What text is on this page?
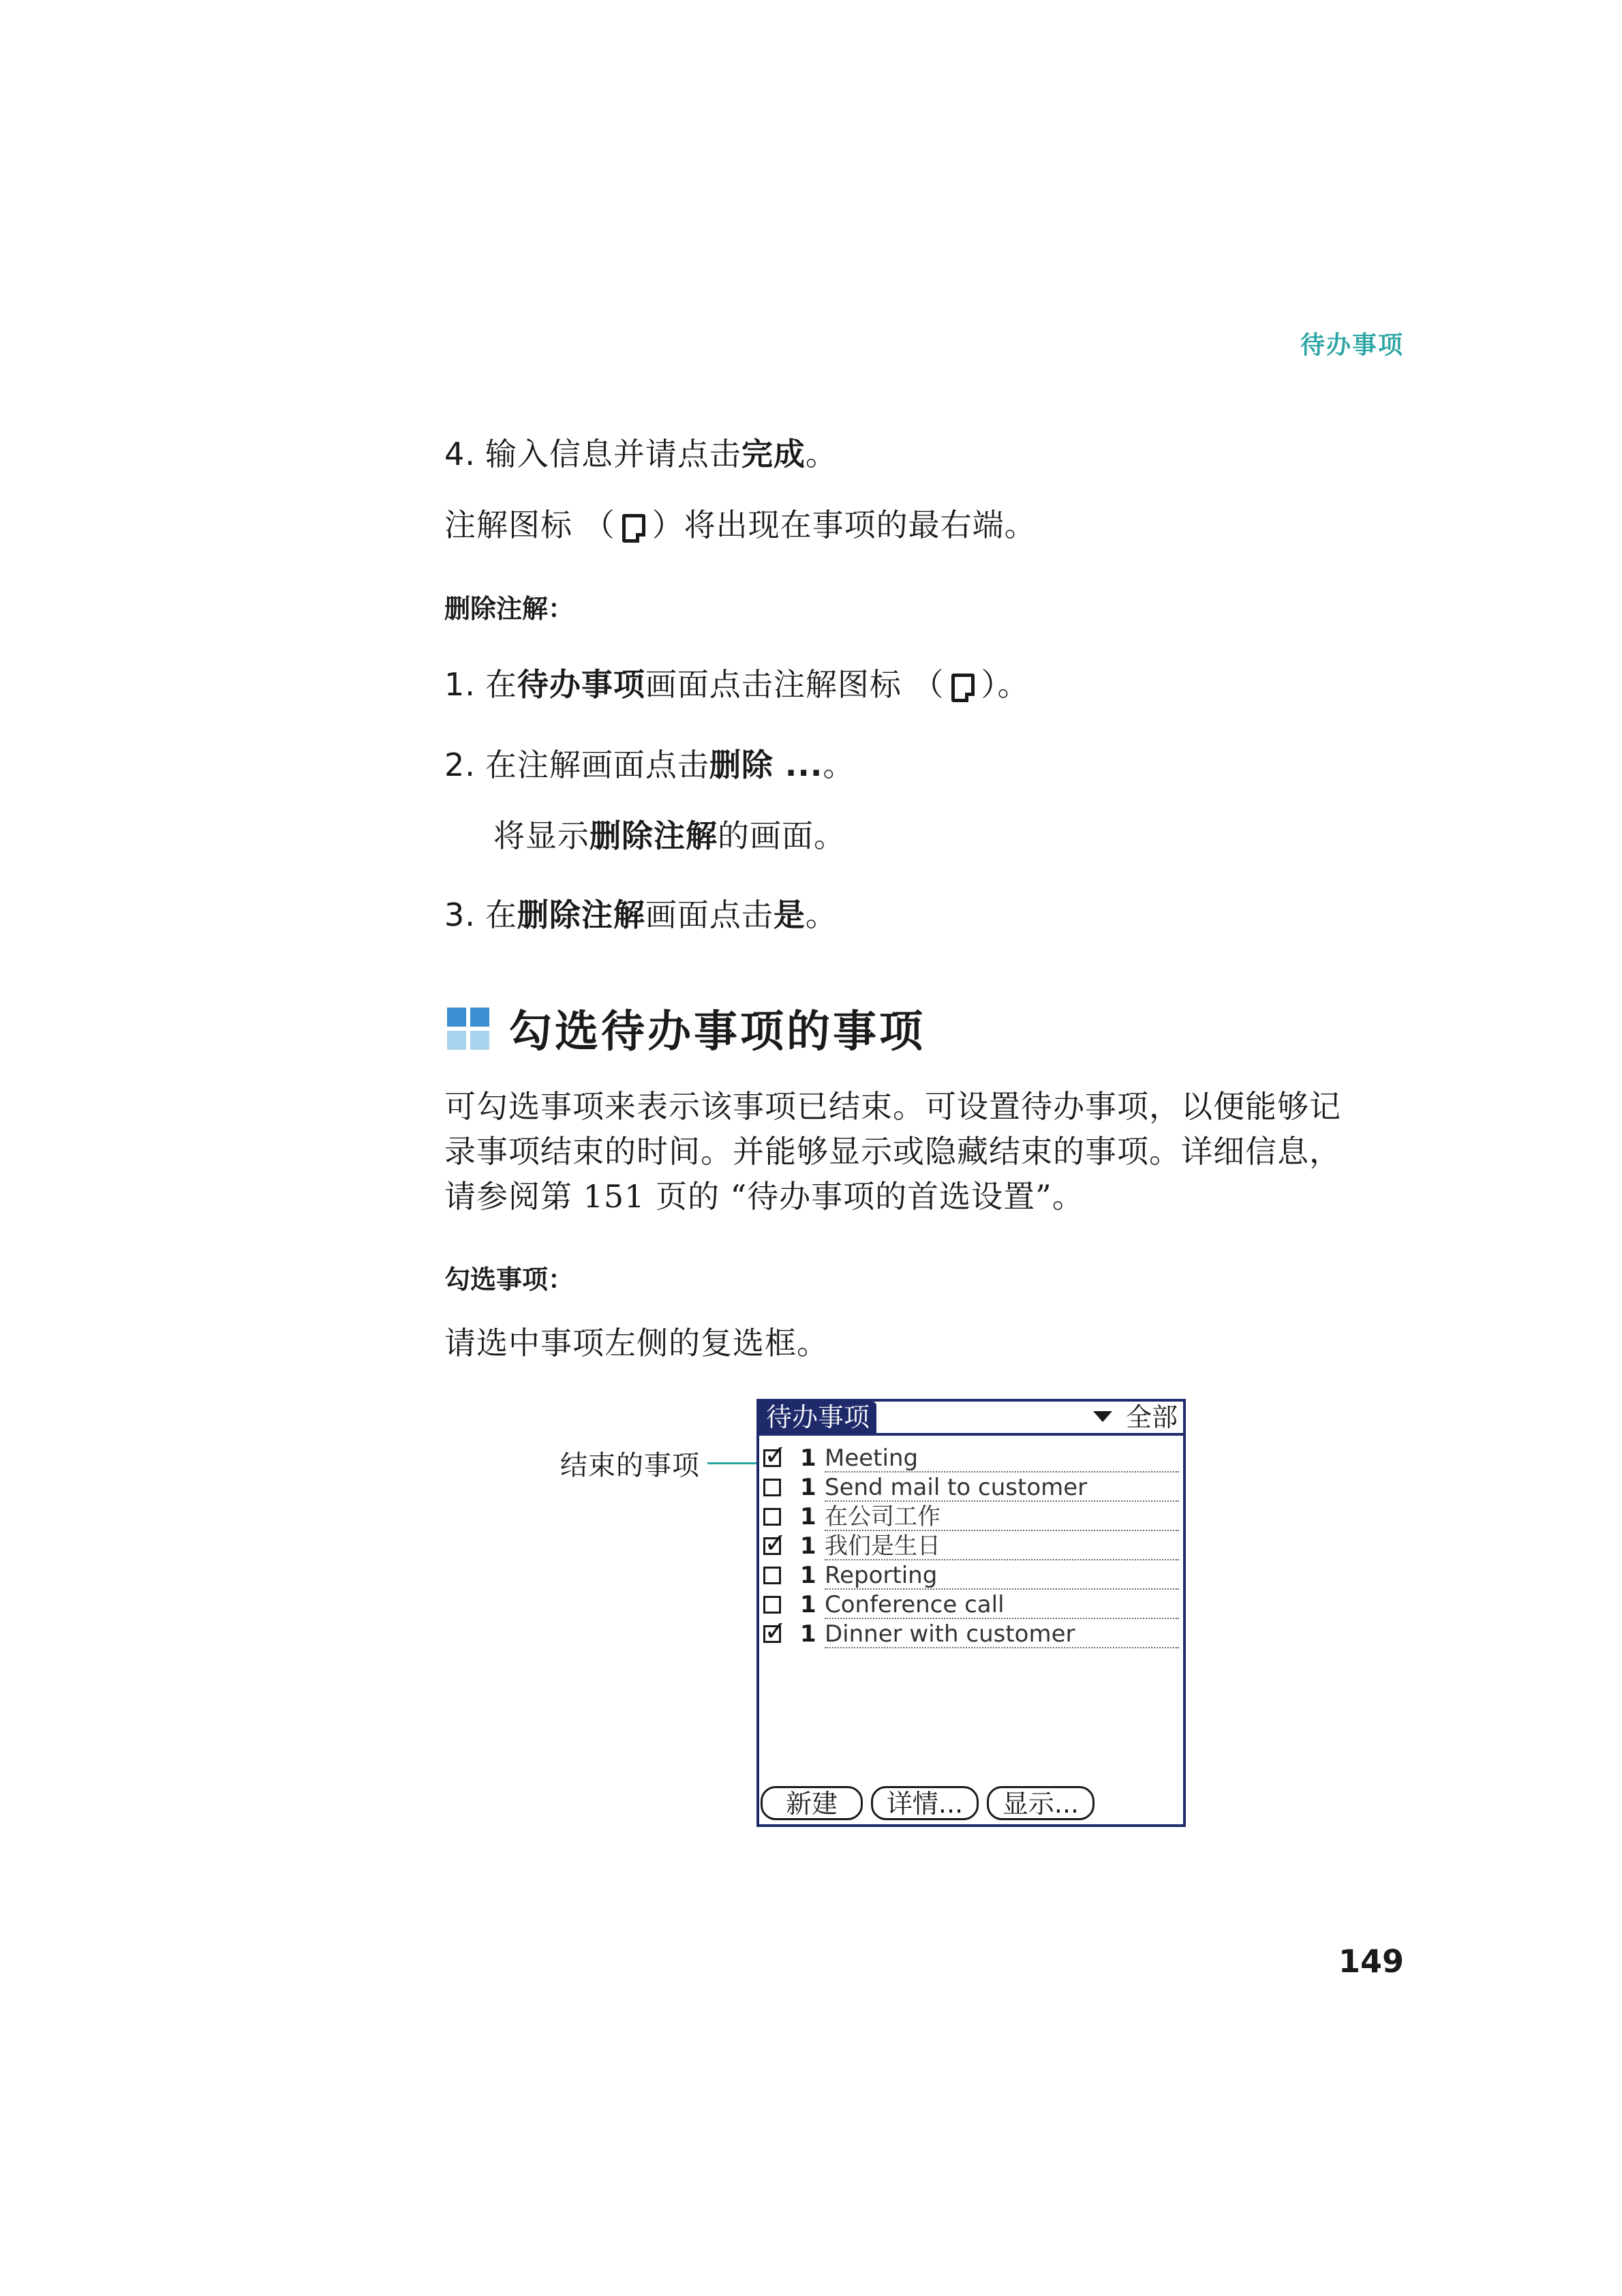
待办事项
4. 输入信息并请点击完成。
注解图标 （ ）将出现在事项的最右端。
删除注解：
1. 在待办事项画面点击注解图标 （ ）。
2. 在注解画面点击删除 ...。
将显示删除注解的画面。
3. 在删除注解画面点击是。
勾选待办事项的事项
可勾选事项来表示该事项已结束。可设置待办事项，以便能够记
录事项结束的时间。并能够显示或隐藏结束的事项。详细信息，
请参阅第 151 页的 “待办事项的首选设置”。
勾选事项：
请选中事项左侧的复选框。
结束的事项
待办事项	全部
✓ 1 Meeting
1 Send mail to customer
1 在公司工作
✓ 1 我们是生日
1 Reporting
1 Conference call
✓ 1 Dinner with customer
新建	详情...	显示...
149
